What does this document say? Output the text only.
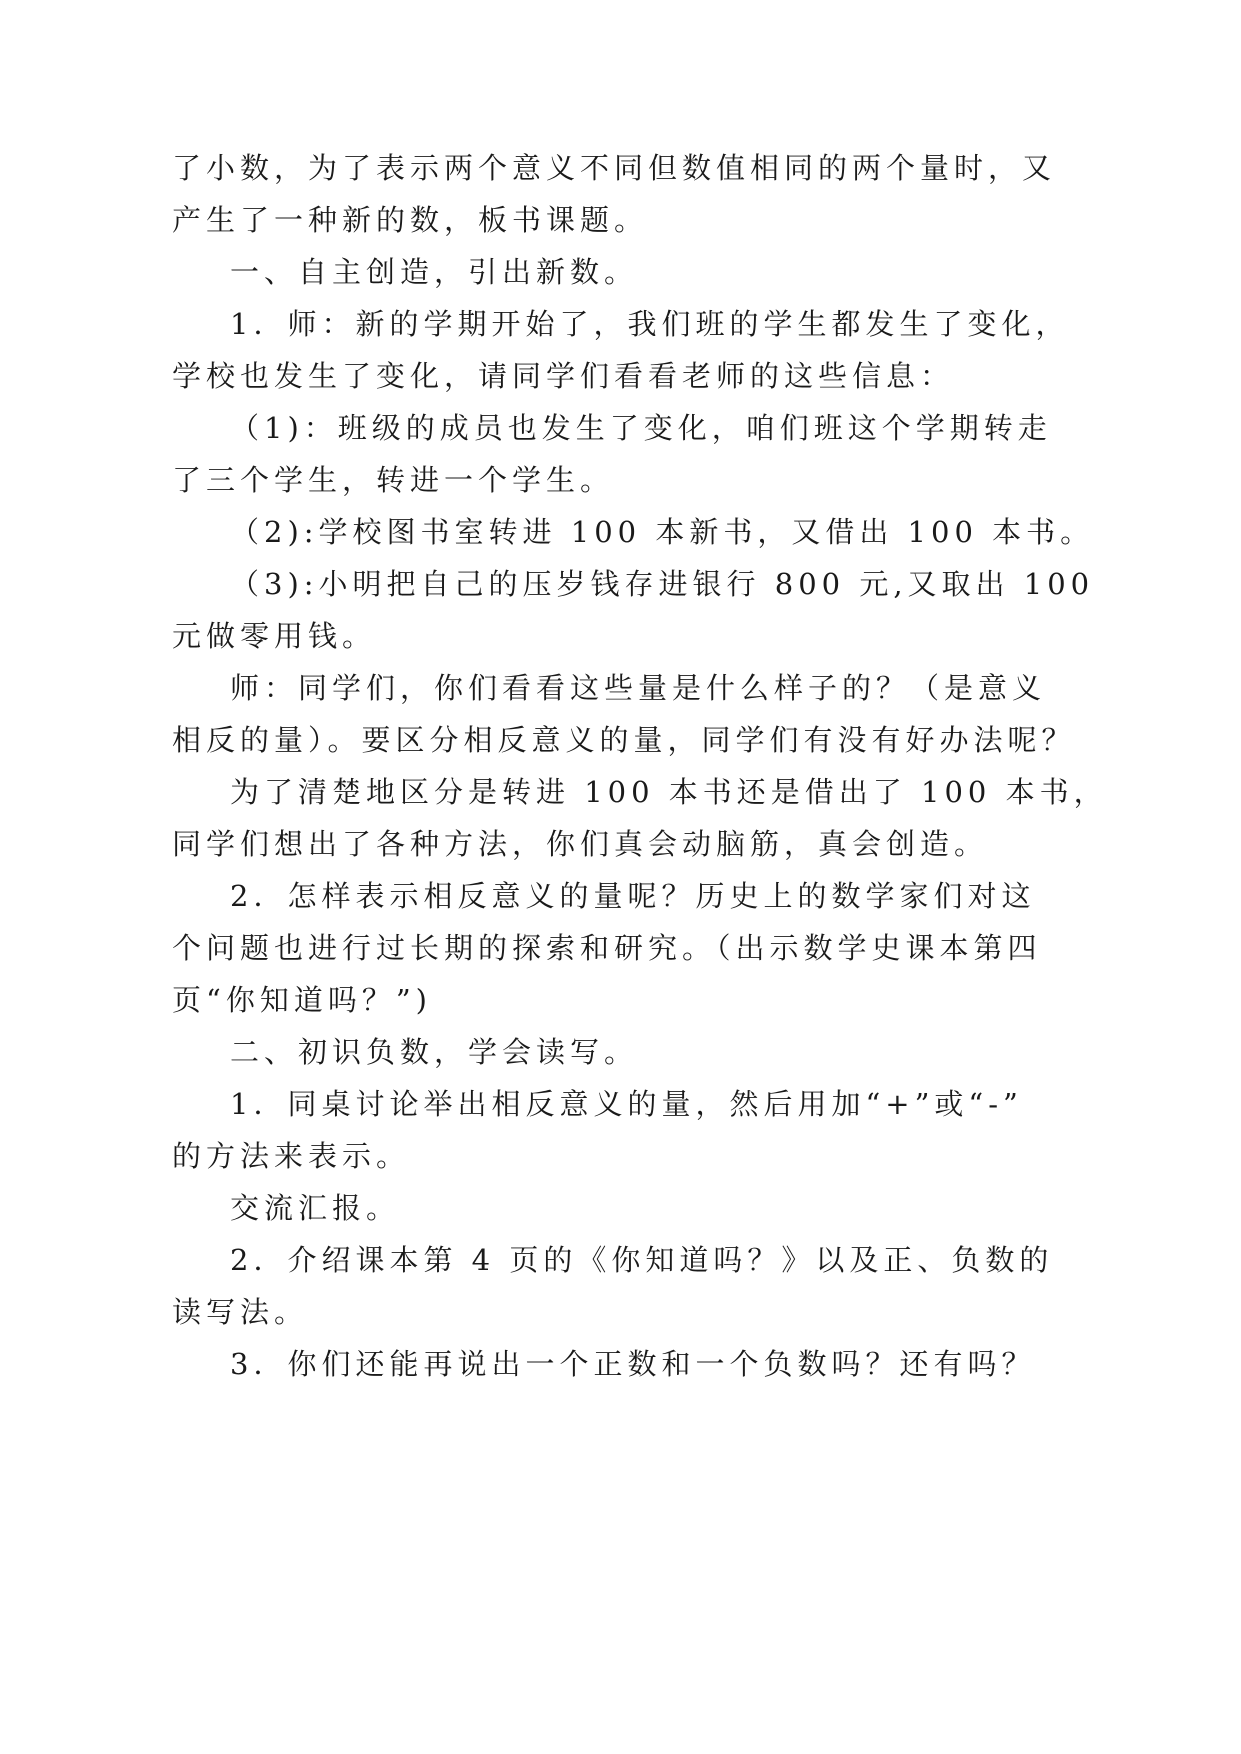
了小数，为了表示两个意义不同但数值相同的两个量时，又
产生了一种新的数，板书课题。
一、自主创造，引出新数。
1．师：新的学期开始了，我们班的学生都发生了变化，
学校也发生了变化，请同学们看看老师的这些信息：
（1)：班级的成员也发生了变化，咱们班这个学期转走
了三个学生，转进一个学生。
（2):学校图书室转进 100 本新书，又借出 100 本书。
（3):小明把自己的压岁钱存进银行 800 元,又取出 100
元做零用钱。
师：同学们，你们看看这些量是什么样子的？（是意义
相反的量）。要区分相反意义的量，同学们有没有好办法呢？
为了清楚地区分是转进 100 本书还是借出了 100 本书，
同学们想出了各种方法，你们真会动脑筋，真会创造。
2．怎样表示相反意义的量呢？历史上的数学家们对这
个问题也进行过长期的探索和研究。（出示数学史课本第四
页“你知道吗？”)
二、初识负数，学会读写。
1．同桌讨论举出相反意义的量，然后用加“+”或“-”
的方法来表示。
交流汇报。
2．介绍课本第 4 页的《你知道吗？》以及正、负数的
读写法。
3．你们还能再说出一个正数和一个负数吗？还有吗？
